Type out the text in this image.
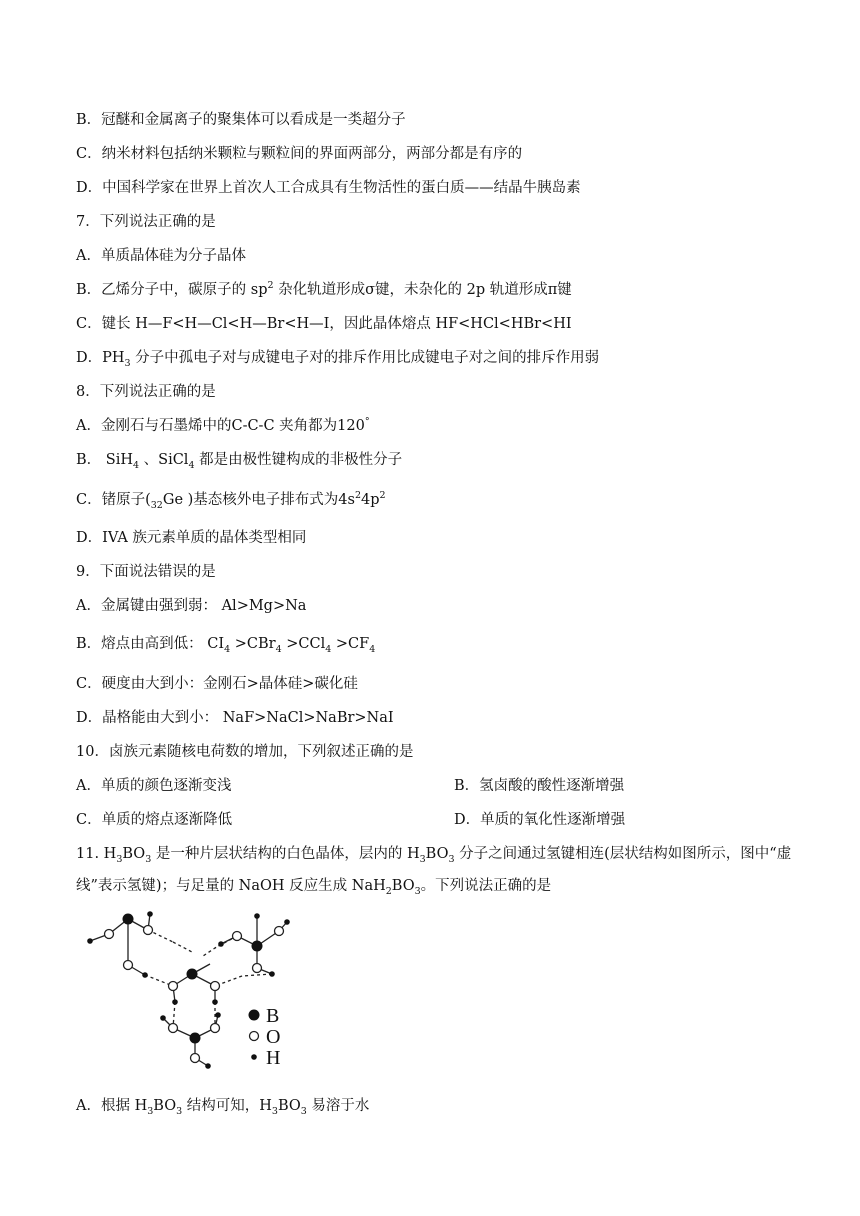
B．冠醚和金属离子的聚集体可以看成是一类超分子
C．纳米材料包括纳米颗粒与颗粒间的界面两部分，两部分都是有序的
D．中国科学家在世界上首次人工合成具有生物活性的蛋白质——结晶牛胰岛素
7．下列说法正确的是
A．单质晶体硅为分子晶体
B．乙烯分子中，碳原子的 $sp^2$ 杂化轨道形成σ键，未杂化的 2p 轨道形成π键
C．键长 H—F<H—Cl<H—Br<H—I，因此晶体熔点 HF<HCl<HBr<HI
D．$PH_3$ 分子中孤电子对与成键电子对的排斥作用比成键电子对之间的排斥作用弱
8．下列说法正确的是
A．金刚石与石墨烯中的C-C-C 夹角都为120°
B． SiH$_4$ 、SiCl$_4$ 都是由极性键构成的非极性分子
C．锗原子($_{32}Ge$ )基态核外电子排布式为$4s^24p^2$
D．IVA 族元素单质的晶体类型相同
9．下面说法错误的是
A．金属键由强到弱： Al>Mg>Na
B．熔点由高到低： $CI_4 >CBr_4 >CCl_4 >CF_4$
C．硬度由大到小：金刚石>晶体硅>碳化硅
D．晶格能由大到小： NaF>NaCl>NaBr>NaI
10．卤族元素随核电荷数的增加，下列叙述正确的是
A．单质的颜色逐渐变浅	B．氢卤酸的酸性逐渐增强
C．单质的熔点逐渐降低	D．单质的氧化性逐渐增强
11. $H_3BO_3$ 是一种片层状结构的白色晶体，层内的 $H_3BO_3$ 分子之间通过氢键相连(层状结构如图所示，图中“虚
线”表示氢键)；与足量的 NaOH 反应生成 $NaH_2BO_3$。下列说法正确的是
B
O
H
A．根据 $H_3BO_3$ 结构可知，$H_3BO_3$ 易溶于水
